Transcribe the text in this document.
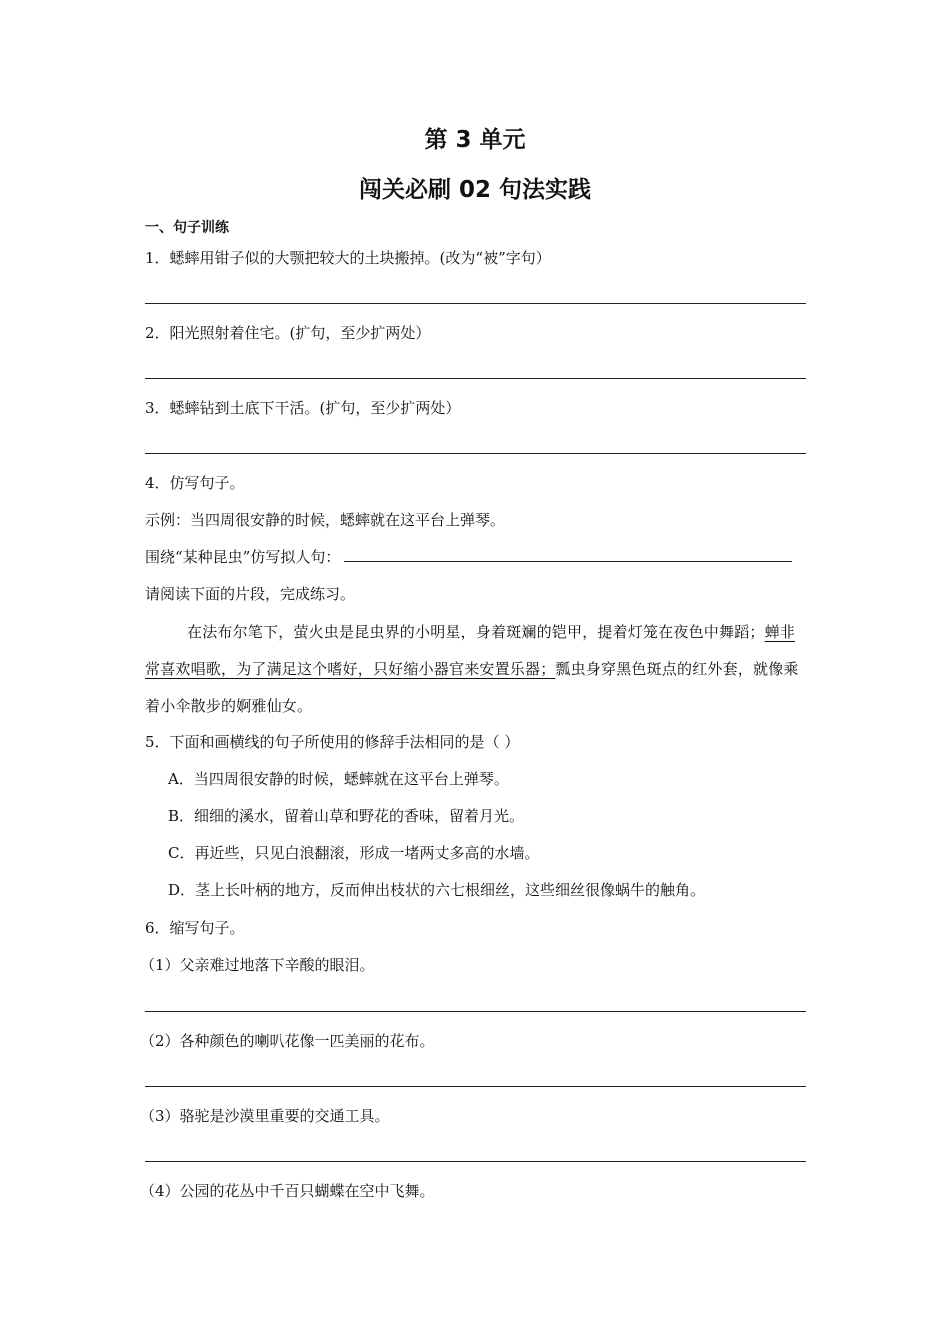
第 3 单元
闯关必刷 02 句法实践
一、句子训练
1．蟋蟀用钳子似的大颚把较大的土块搬掉。(改为“被”字句）
2．阳光照射着住宅。(扩句，至少扩两处）
3．蟋蟀钻到土底下干活。(扩句，至少扩两处）
4．仿写句子。
示例：当四周很安静的时候，蟋蟀就在这平台上弹琴。
围绕“某种昆虫”仿写拟人句：
请阅读下面的片段，完成练习。
在法布尔笔下，萤火虫是昆虫界的小明星，身着斑斓的铠甲，提着灯笼在夜色中舞蹈；蝉非常喜欢唱歌，为了满足这个嗜好，只好缩小器官来安置乐器；瓢虫身穿黑色斑点的红外套，就像乘着小伞散步的婀雅仙女。
5．下面和画横线的句子所使用的修辞手法相同的是（ ）
A．当四周很安静的时候，蟋蟀就在这平台上弹琴。
B．细细的溪水，留着山草和野花的香味，留着月光。
C．再近些，只见白浪翻滚，形成一堵两丈多高的水墙。
D．茎上长叶柄的地方，反而伸出枝状的六七根细丝，这些细丝很像蜗牛的触角。
6．缩写句子。
（1）父亲难过地落下辛酸的眼泪。
（2）各种颜色的喇叭花像一匹美丽的花布。
（3）骆驼是沙漠里重要的交通工具。
（4）公园的花丛中千百只蝴蝶在空中飞舞。
